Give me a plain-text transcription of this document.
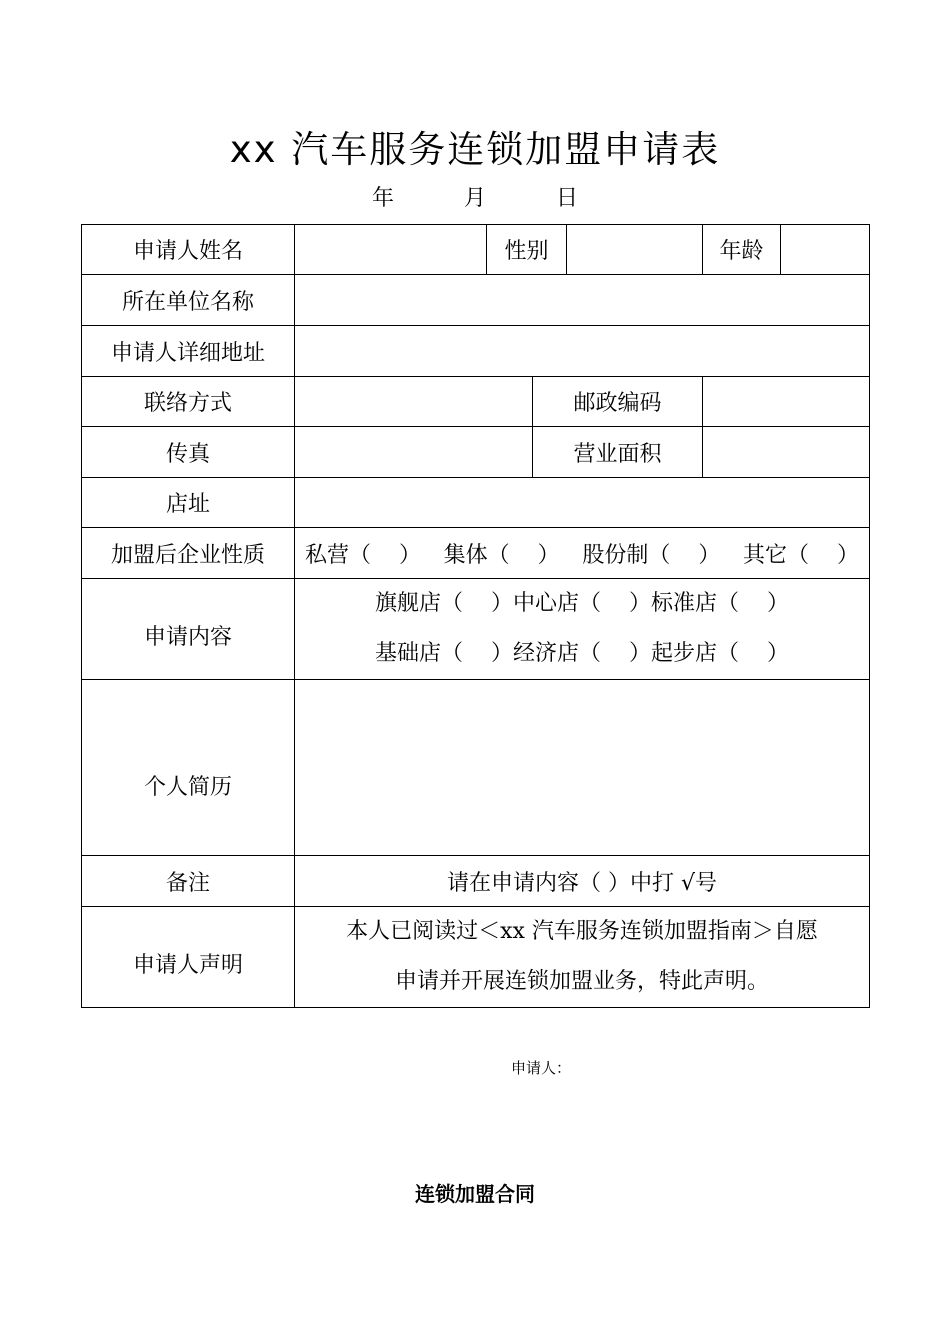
xx 汽车服务连锁加盟申请表
年	月	日
申请人姓名		性别			年龄	
所在单位名称						
申请人详细地址						
联络方式			邮政编码			
传真			营业面积			
店址						
加盟后企业性质	私营（    ） 集体（    ） 股份制（    ） 其它（    ）					

申请内容	旗舰店（    ）中心店（    ）标准店（    ）
基础店（    ）经济店（    ）起步店（    ）					

个人简历						

备注	请在申请内容（ ）中打 √号					

申请人声明	本人已阅读过＜xx 汽车服务连锁加盟指南＞自愿
申请并开展连锁加盟业务，特此声明。					
申请人：
连锁加盟合同
